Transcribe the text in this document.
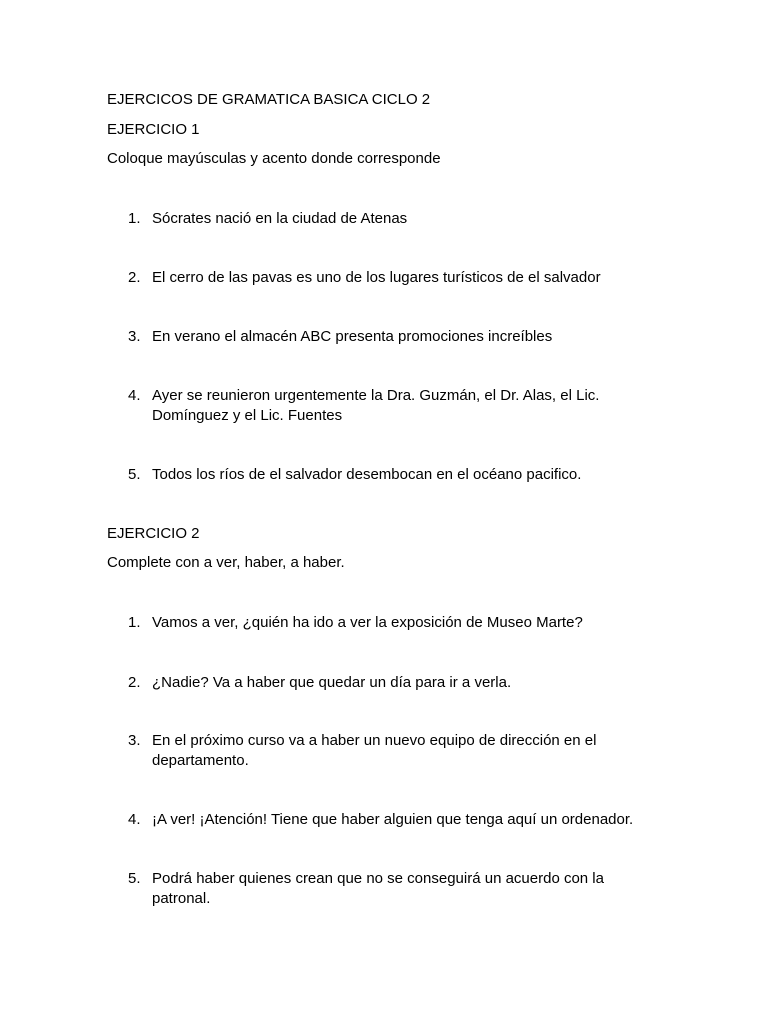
EJERCICOS DE GRAMATICA BASICA CICLO 2
EJERCICIO 1
Coloque mayúsculas y acento donde corresponde
1. Sócrates nació en la ciudad de Atenas
2. El cerro de las pavas es uno de los lugares turísticos de el salvador
3. En verano el almacén ABC presenta promociones increíbles
4. Ayer se reunieron urgentemente la Dra. Guzmán, el Dr. Alas, el Lic.
Domínguez y el Lic. Fuentes
5. Todos los ríos de el salvador desembocan en el océano pacifico.
EJERCICIO 2
Complete con a ver, haber, a haber.
1. Vamos a ver, ¿quién ha ido a ver la exposición de Museo Marte?
2. ¿Nadie? Va a haber que quedar un día para ir a verla.
3. En el próximo curso va a haber un nuevo equipo de dirección en el
departamento.
4. ¡A ver! ¡Atención! Tiene que haber alguien que tenga aquí un ordenador.
5. Podrá haber quienes crean que no se conseguirá un acuerdo con la
patronal.
